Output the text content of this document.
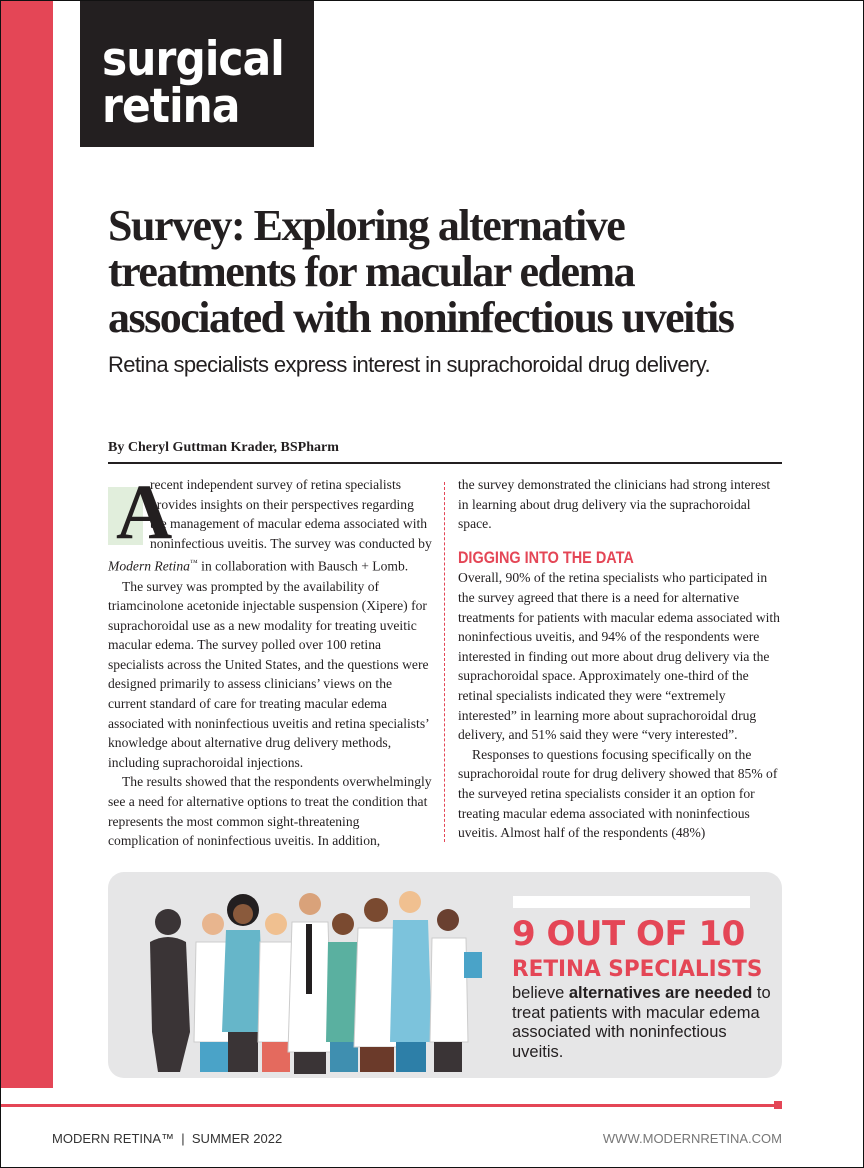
surgical
retina
Survey: Exploring alternative
treatments for macular edema
associated with noninfectious uveitis
Retina specialists express interest in suprachoroidal drug delivery.
By Cheryl Guttman Krader, BSPharm

A
recent independent survey of retina specialists provides insights on their perspectives regarding the management of macular edema associated with noninfectious uveitis. The survey was conducted by Modern Retina™ in collaboration with Bausch + Lomb.

The survey was prompted by the availability of triamcinolone acetonide injectable suspension (Xipere) for suprachoroidal use as a new modality for treating uveitic macular edema. The survey polled over 100 retina specialists across the United States, and the questions were designed primarily to assess clinicians’ views on the current standard of care for treating macular edema associated with noninfectious uveitis and retina specialists’ knowledge about alternative drug delivery methods, including suprachoroidal injections.

The results showed that the respondents overwhelmingly see a need for alternative options to treat the condition that represents the most common sight-threatening complication of noninfectious uveitis. In addition,

the survey demonstrated the clinicians had strong interest in learning about drug delivery via the suprachoroidal space.

DIGGING INTO THE DATA

Overall, 90% of the retina specialists who participated in the survey agreed that there is a need for alternative treatments for patients with macular edema associated with noninfectious uveitis, and 94% of the respondents were interested in finding out more about drug delivery via the suprachoroidal space. Approximately one-third of the retinal specialists indicated they were “extremely interested” in learning more about suprachoroidal drug delivery, and 51% said they were “very interested”.

Responses to questions focusing specifically on the suprachoroidal route for drug delivery showed that 85% of the surveyed retina specialists consider it an option for treating macular edema associated with noninfectious uveitis. Almost half of the respondents (48%)

9 OUT OF 10
RETINA SPECIALISTS
believe alternatives are needed to treat patients with macular edema associated with noninfectious uveitis.
MODERN RETINA™  |  SUMMER 2022	WWW.MODERNRETINA.COM
